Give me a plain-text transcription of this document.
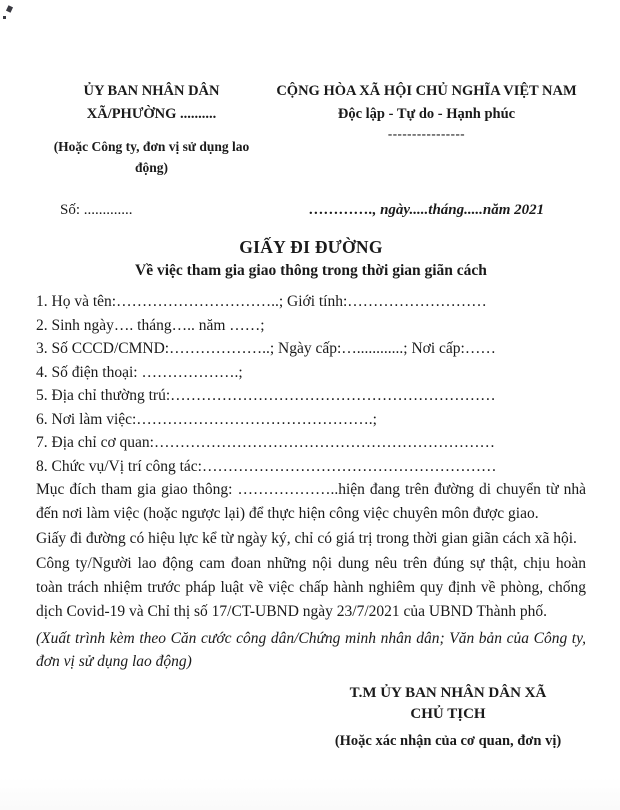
ỦY BAN NHÂN DÂN
XÃ/PHƯỜNG ..........
(Hoặc Công ty, đơn vị sử dụng lao động)
CỘNG HÒA XÃ HỘI CHỦ NGHĨA VIỆT NAM
Độc lập - Tự do - Hạnh phúc
----------------
Số: .............	…………., ngày.....tháng.....năm 2021
GIẤY ĐI ĐƯỜNG
Về việc tham gia giao thông trong thời gian giãn cách
1. Họ và tên:…………………………..; Giới tính:………………………
2. Sinh ngày…. tháng….. năm ……;
3. Số CCCD/CMND:………………..; Ngày cấp:…............; Nơi cấp:……
4. Số điện thoại: ……………….;
5. Địa chỉ thường trú:………………………………………………………
6. Nơi làm việc:……………………………………….;
7. Địa chỉ cơ quan:…………………………………………………………
8. Chức vụ/Vị trí công tác:…………………………………………………
Mục đích tham gia giao thông: ………………..hiện đang trên đường di chuyển từ nhà đến nơi làm việc (hoặc ngược lại) để thực hiện công việc chuyên môn được giao.
Giấy đi đường có hiệu lực kể từ ngày ký, chỉ có giá trị trong thời gian giãn cách xã hội.
Công ty/Người lao động cam đoan những nội dung nêu trên đúng sự thật, chịu hoàn toàn trách nhiệm trước pháp luật về việc chấp hành nghiêm quy định về phòng, chống dịch Covid-19 và Chỉ thị số 17/CT-UBND ngày 23/7/2021 của UBND Thành phố.
(Xuất trình kèm theo Căn cước công dân/Chứng minh nhân dân; Văn bản của Công ty, đơn vị sử dụng lao động)
T.M ỦY BAN NHÂN DÂN XÃ
CHỦ TỊCH
(Hoặc xác nhận của cơ quan, đơn vị)
